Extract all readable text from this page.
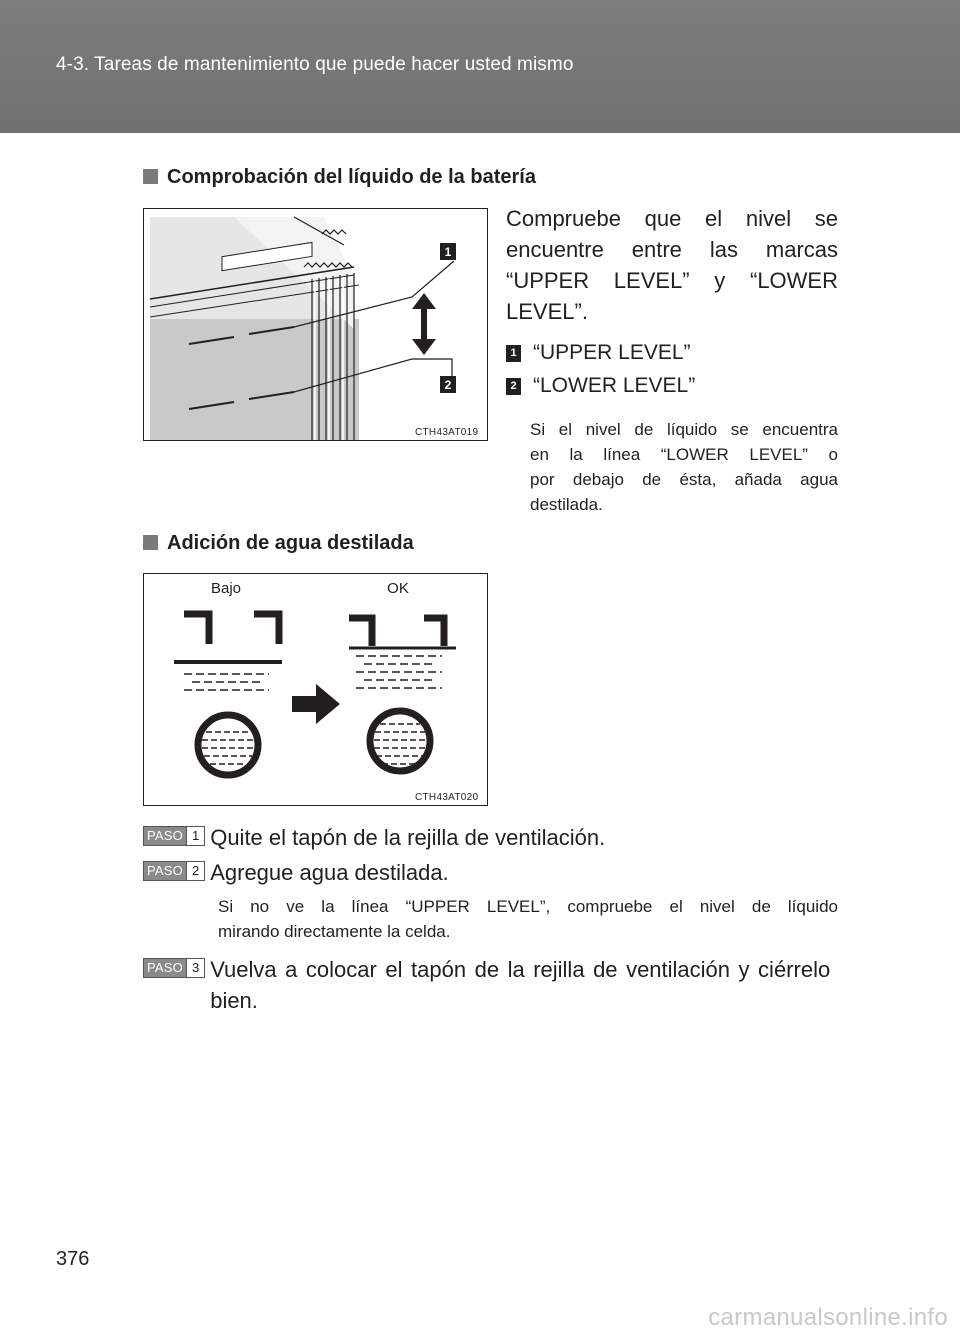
4-3. Tareas de mantenimiento que puede hacer usted mismo
Comprobación del líquido de la batería
1
2
CTH43AT019
Compruebe que el nivel se
encuentre entre las marcas
“UPPER LEVEL” y “LOWER
LEVEL”.
1 “UPPER LEVEL”
2 “LOWER LEVEL”
Si el nivel de líquido se encuentra
en la línea “LOWER LEVEL” o
por debajo de ésta, añada agua
destilada.
Adición de agua destilada
Bajo	OK
CTH43AT020
PASO 1 Quite el tapón de la rejilla de ventilación.
PASO 2 Agregue agua destilada.
Si no ve la línea “UPPER LEVEL”, compruebe el nivel de líquido
mirando directamente la celda.
PASO 3 Vuelva a colocar el tapón de la rejilla de ventilación y ciérrelo
bien.
376
carmanualsonline.info
